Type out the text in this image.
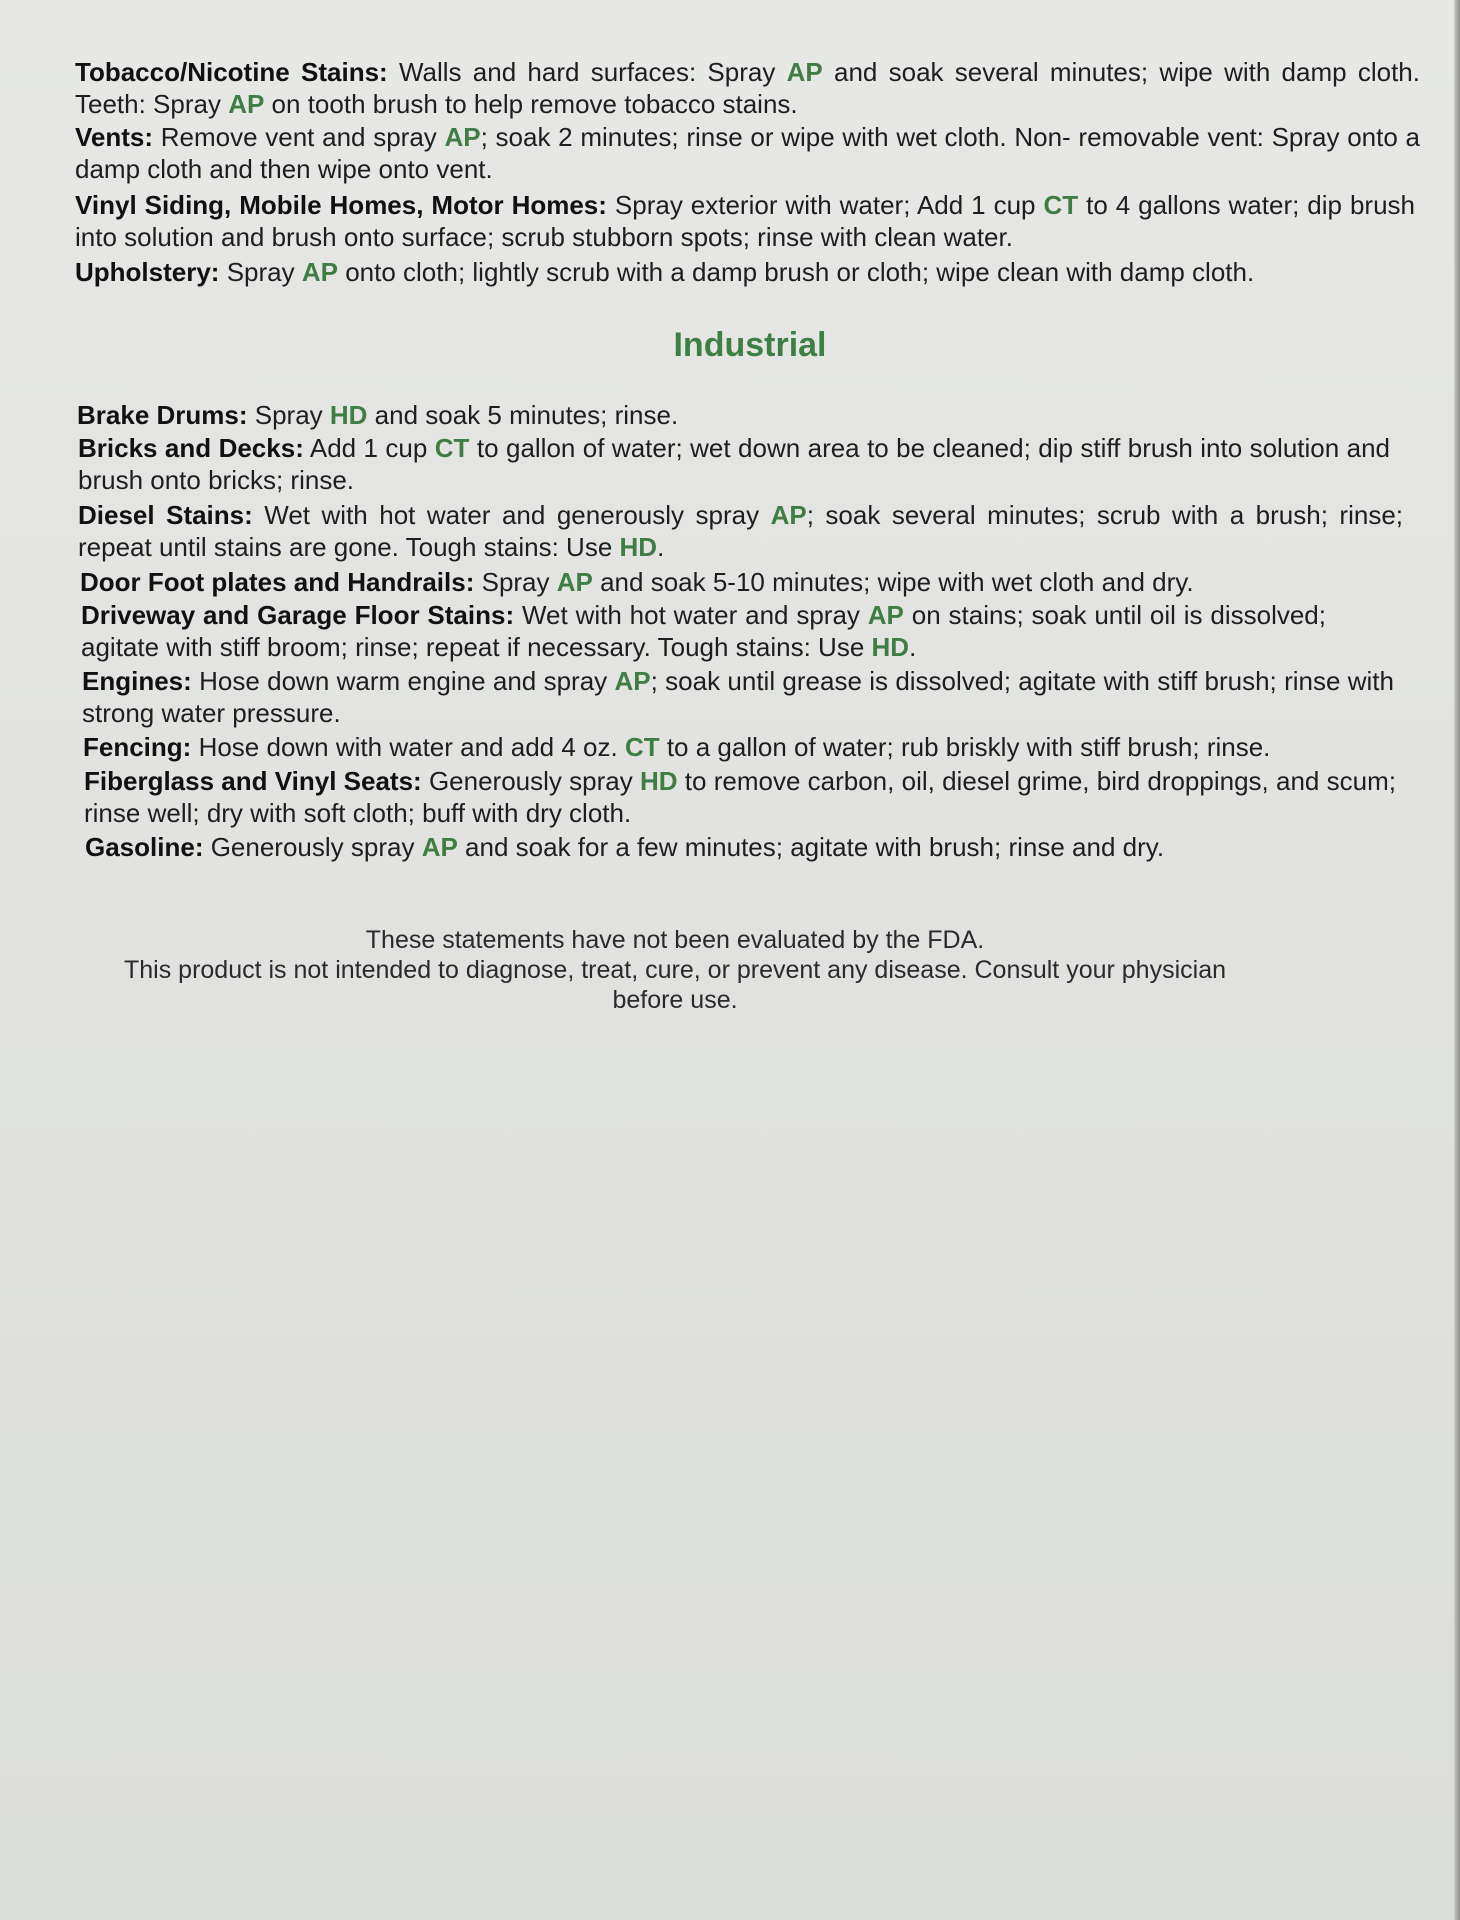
Tobacco/Nicotine Stains: Walls and hard surfaces: Spray AP and soak several minutes; wipe with damp cloth. Teeth: Spray AP on tooth brush to help remove tobacco stains.
Vents: Remove vent and spray AP; soak 2 minutes; rinse or wipe with wet cloth. Non- removable vent: Spray onto a damp cloth and then wipe onto vent.
Vinyl Siding, Mobile Homes, Motor Homes: Spray exterior with water; Add 1 cup CT to 4 gallons water; dip brush into solution and brush onto surface; scrub stubborn spots; rinse with clean water.
Upholstery: Spray AP onto cloth; lightly scrub with a damp brush or cloth; wipe clean with damp cloth.
Industrial
Brake Drums: Spray HD and soak 5 minutes; rinse.
Bricks and Decks: Add 1 cup CT to gallon of water; wet down area to be cleaned; dip stiff brush into solution and brush onto bricks; rinse.
Diesel Stains: Wet with hot water and generously spray AP; soak several minutes; scrub with a brush; rinse; repeat until stains are gone. Tough stains: Use HD.
Door Foot plates and Handrails: Spray AP and soak 5-10 minutes; wipe with wet cloth and dry.
Driveway and Garage Floor Stains: Wet with hot water and spray AP on stains; soak until oil is dissolved; agitate with stiff broom; rinse; repeat if necessary. Tough stains: Use HD.
Engines: Hose down warm engine and spray AP; soak until grease is dissolved; agitate with stiff brush; rinse with strong water pressure.
Fencing: Hose down with water and add 4 oz. CT to a gallon of water; rub briskly with stiff brush; rinse.
Fiberglass and Vinyl Seats: Generously spray HD to remove carbon, oil, diesel grime, bird droppings, and scum; rinse well; dry with soft cloth; buff with dry cloth.
Gasoline: Generously spray AP and soak for a few minutes; agitate with brush; rinse and dry.
These statements have not been evaluated by the FDA.
This product is not intended to diagnose, treat, cure, or prevent any disease. Consult your physician before use.
